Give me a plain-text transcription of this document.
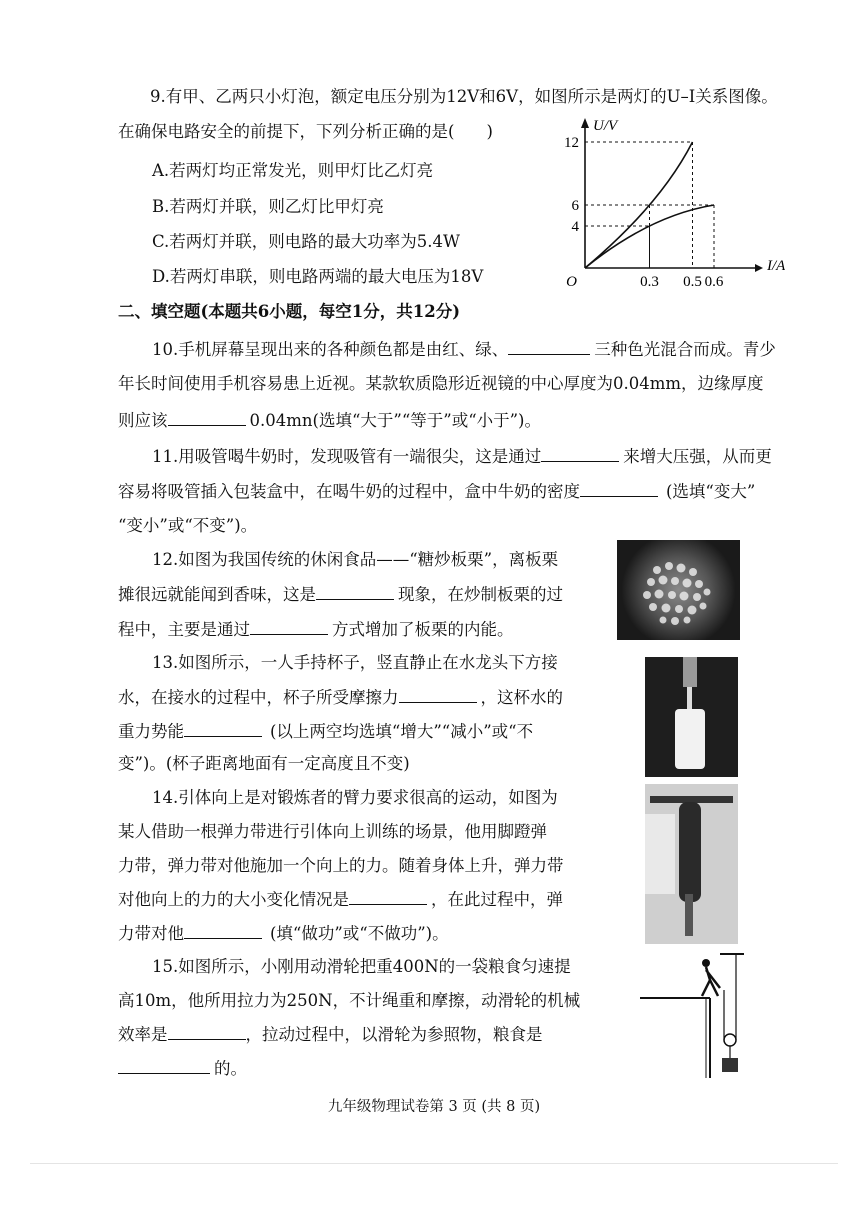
9.有甲、乙两只小灯泡，额定电压分别为12V和6V，如图所示是两灯的U–I关系图像。
在确保电路安全的前提下，下列分析正确的是( )
A.若两灯均正常发光，则甲灯比乙灯亮
B.若两灯并联，则乙灯比甲灯亮
C.若两灯并联，则电路的最大功率为5.4W
D.若两灯串联，则电路两端的最大电压为18V	0.3 0.5 0.6
4
6
12
O
I/A
U/V
二、填空题(本题共6小题，每空1分，共12分)
10.手机屏幕呈现出来的各种颜色都是由红、绿、	三种色光混合而成。青少
年长时间使用手机容易患上近视。某款软质隐形近视镜的中心厚度为0.04mm，边缘厚度
则应该	0.04mn(选填“大于”“等于”或“小于”)。
11.用吸管喝牛奶时，发现吸管有一端很尖，这是通过	来增大压强，从而更
容易将吸管插入包装盒中，在喝牛奶的过程中，盒中牛奶的密度	(选填“变大”
“变小”或“不变”)。
12.如图为我国传统的休闲食品——“糖炒板栗”，离板栗
摊很远就能闻到香味，这是	现象，在炒制板栗的过
程中，主要是通过	方式增加了板栗的内能。
13.如图所示，一人手持杯子，竖直静止在水龙头下方接
水，在接水的过程中，杯子所受摩擦力	，这杯水的
重力势能	(以上两空均选填“增大”“减小”或“不
变”)。(杯子距离地面有一定高度且不变)
14.引体向上是对锻炼者的臂力要求很高的运动，如图为
某人借助一根弹力带进行引体向上训练的场景，他用脚蹬弹
力带，弹力带对他施加一个向上的力。随着身体上升，弹力带
对他向上的力的大小变化情况是	，在此过程中，弹
力带对他	(填“做功”或“不做功”)。
15.如图所示，小刚用动滑轮把重400N的一袋粮食匀速提
高10m，他所用拉力为250N，不计绳重和摩擦，动滑轮的机械
效率是	，拉动过程中，以滑轮为参照物，粮食是
的。
九年级物理试卷第 3 页 (共 8 页)
